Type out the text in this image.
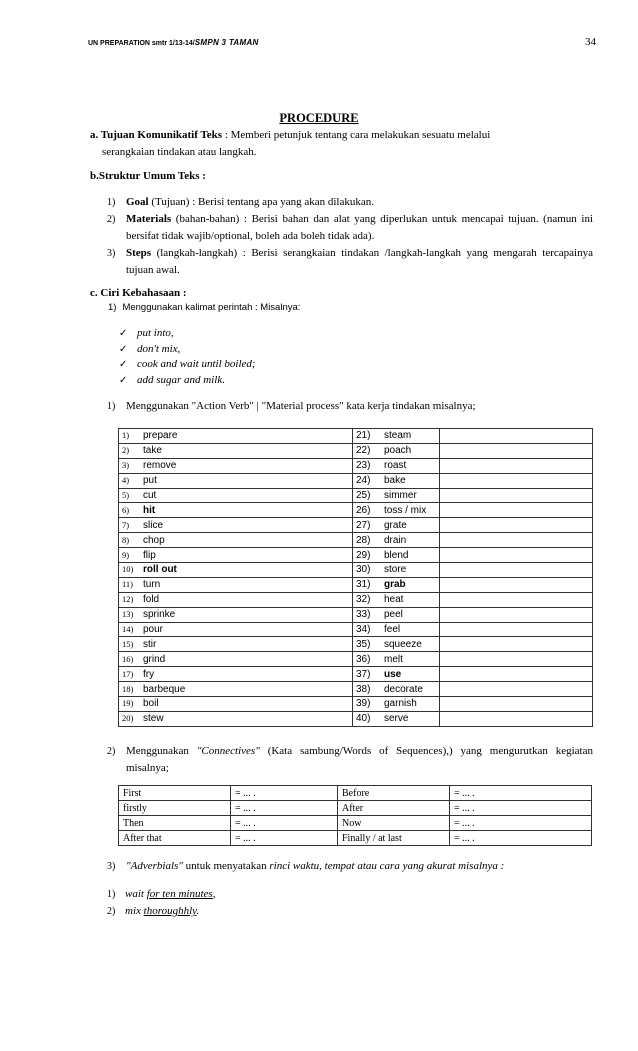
UN PREPARATION smtr 1/13-14/SMPN 3 TAMAN	34
PROCEDURE
a. Tujuan Komunikatif Teks : Memberi petunjuk tentang cara melakukan sesuatu melalui
serangkaian tindakan atau langkah.
b.Struktur Umum Teks :
1) Goal (Tujuan) : Berisi tentang apa yang akan dilakukan.
2) Materials (bahan-bahan) : Berisi bahan dan alat yang diperlukan untuk mencapai tujuan. (namun ini bersifat tidak wajib/optional, boleh ada boleh tidak ada).
3) Steps (langkah-langkah) : Berisi serangkaian tindakan /langkah-langkah yang mengarah tercapainya tujuan awal.
c. Ciri Kebahasaan :
1) Menggunakan kalimat perintah : Misalnya:
✓ put into,
✓ don't mix,
✓ cook and wait until boiled;
✓ add sugar and milk.
1) Menggunakan "Action Verb" | "Material process" kata kerja tindakan misalnya;
1) prepare	21) steam	
2) take	22) poach	
3) remove	23) roast	
4) put	24) bake	
5) cut	25) simmer	
6) hit	26) toss / mix	
7) slice	27) grate	
8) chop	28) drain	
9) flip	29) blend	
10) roll out	30) store	
11) turn	31) grab	
12) fold	32) heat	
13) sprinke	33) peel	
14) pour	34) feel	
15) stir	35) squeeze	
16) grind	36) melt	
17) fry	37) use	
18) barbeque	38) decorate	
19) boil	39) garnish	
20) stew	40) serve	
2) Menggunakan "Connectives" (Kata sambung/Words of Sequences),) yang mengurutkan kegiatan misalnya;
First	= ... .	Before	= ... .
firstly	= ... .	After	= ... .
Then	= ... .	Now	= ... .
After that	= ... .	Finally / at last	= ... .
3) "Adverbials" untuk menyatakan rinci waktu, tempat atau cara yang akurat misalnya :
1) wait for ten minutes,
2) mix thoroughhly.
